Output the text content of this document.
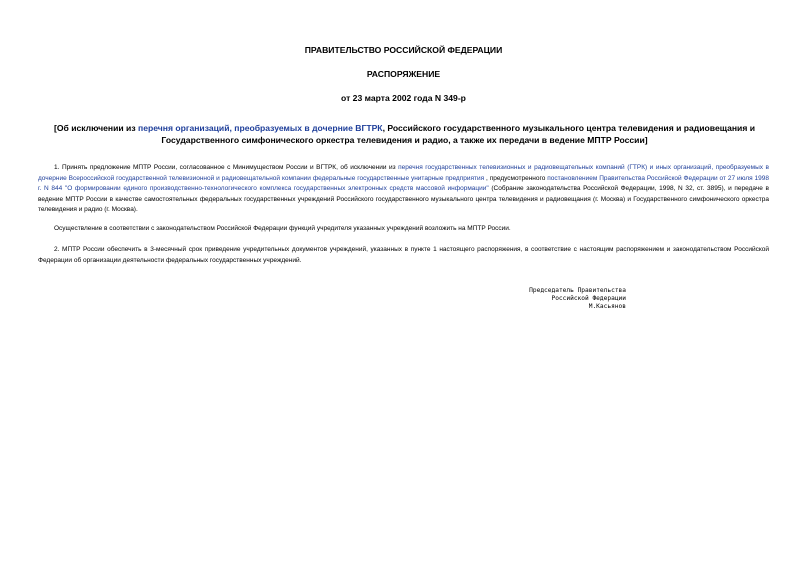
ПРАВИТЕЛЬСТВО РОССИЙСКОЙ ФЕДЕРАЦИИ

РАСПОРЯЖЕНИЕ

от 23 марта 2002 года N 349-р

[Об исключении из перечня организаций, преобразуемых в дочерние ВГТРК, Российского государственного музыкального центра телевидения и радиовещания и Государственного симфонического оркестра телевидения и радио, а также их передачи в ведение МПТР России]

1. Принять предложение МПТР России, согласованное с Минимуществом России и ВГТРК, об исключении из перечня государственных телевизионных и радиовещательных компаний (ГТРК) и иных организаций, преобразуемых в дочерние Всероссийской государственной телевизионной и радиовещательной компании федеральные государственные унитарные предприятия , предусмотренного постановлением Правительства Российской Федерации от 27 июля 1998 г. N 844 "О формировании единого производственно-технологического комплекса государственных электронных средств массовой информации" (Собрание законодательства Российской Федерации, 1998, N 32, ст. 3895), и передаче в ведение МПТР России в качестве самостоятельных федеральных государственных учреждений Российского государственного музыкального центра телевидения и радиовещания (г. Москва) и Государственного симфонического оркестра телевидения и радио (г. Москва).

Осуществление в соответствии с законодательством Российской Федерации функций учредителя указанных учреждений возложить на МПТР России.

2. МПТР России обеспечить в 3-месячный срок приведение учредительных документов учреждений, указанных в пункте 1 настоящего распоряжения, в соответствие с настоящим распоряжением и законодательством Российской Федерации об организации деятельности федеральных государственных учреждений.

Председатель Правительства
Российской Федерации
М.Касьянов
